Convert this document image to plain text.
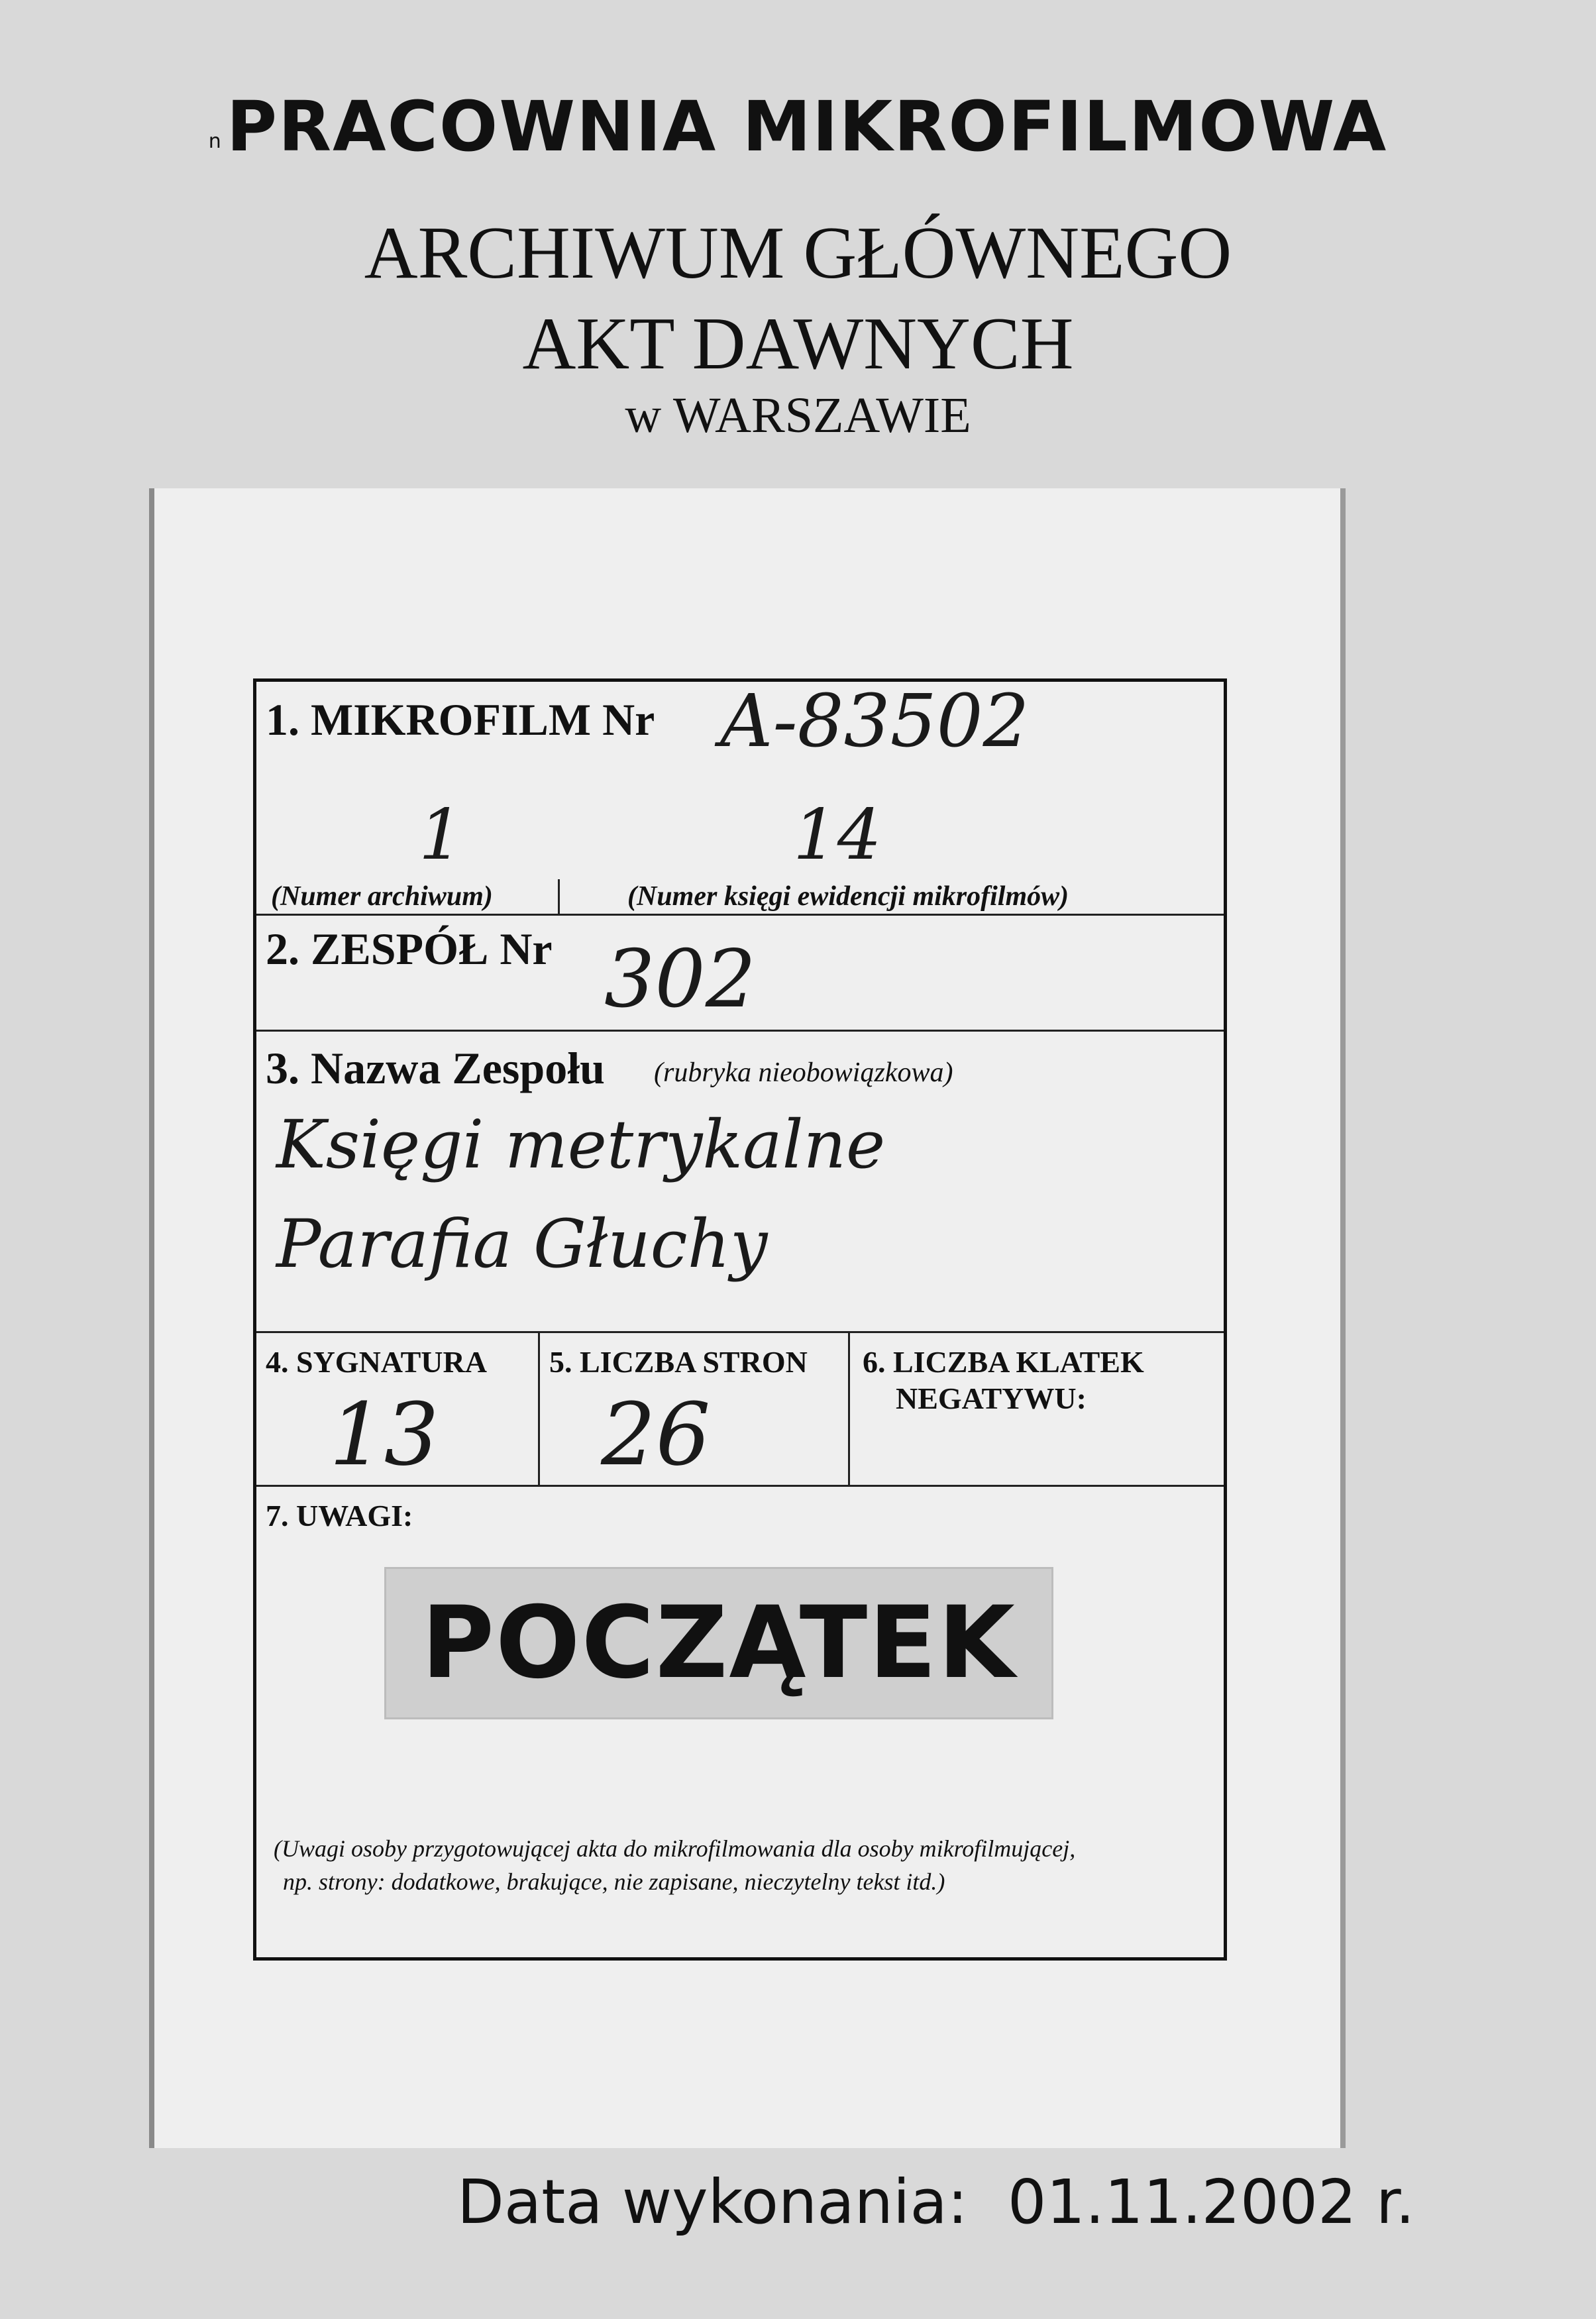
nPRACOWNIA MIKROFILMOWA
ARCHIWUM GŁÓWNEGO
AKT DAWNYCH
w WARSZAWIE
1. MIKROFILM Nr A-83502
1	14
(Numer archiwum)	(Numer księgi ewidencji mikrofilmów)
2. ZESPÓŁ Nr 302
3. Nazwa Zespołu (rubryka nieobowiązkowa)
Księgi metrykalne
Parafia Głuchy
4. SYGNATURA
13
5. LICZBA STRON
26
6. LICZBA KLATEK
NEGATYWU:
7. UWAGI:
(Uwagi osoby przygotowującej akta do mikrofilmowania dla osoby mikrofilmującej,
np. strony: dodatkowe, brakujące, nie zapisane, nieczytelny tekst itd.)
POCZĄTEK
Data wykonania: 01.11.2002 r.
